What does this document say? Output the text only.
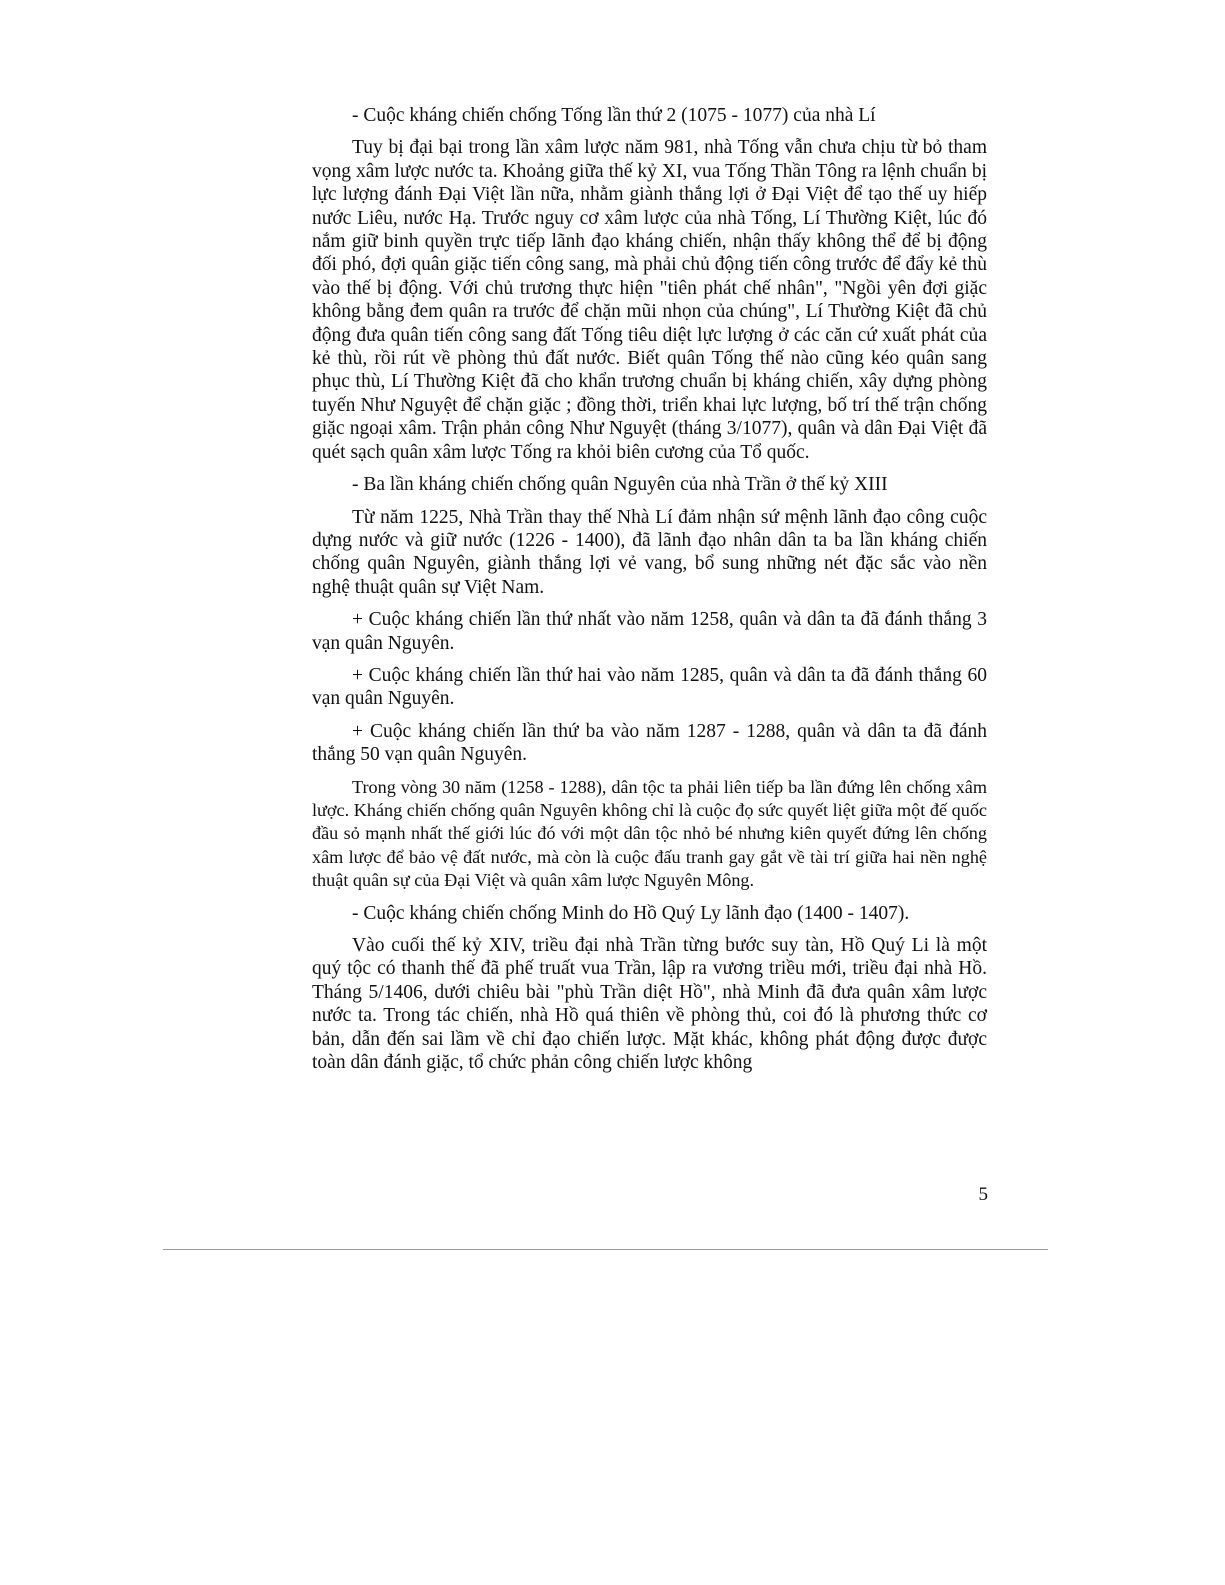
- Cuộc kháng chiến chống Tống lần thứ 2 (1075 - 1077) của nhà Lí

Tuy bị đại bại trong lần xâm lược năm 981, nhà Tống vẫn chưa chịu từ bỏ tham vọng xâm lược nước ta. Khoảng giữa thế kỷ XI, vua Tống Thần Tông ra lệnh chuẩn bị lực lượng đánh Đại Việt lần nữa, nhằm giành thắng lợi ở Đại Việt để tạo thế uy hiếp nước Liêu, nước Hạ. Trước nguy cơ xâm lược của nhà Tống, Lí Thường Kiệt, lúc đó nắm giữ binh quyền trực tiếp lãnh đạo kháng chiến, nhận thấy không thể để bị động đối phó, đợi quân giặc tiến công sang, mà phải chủ động tiến công trước để đẩy kẻ thù vào thế bị động. Với chủ trương thực hiện "tiên phát chế nhân", "Ngồi yên đợi giặc không bằng đem quân ra trước để chặn mũi nhọn của chúng", Lí Thường Kiệt đã chủ động đưa quân tiến công sang đất Tống tiêu diệt lực lượng ở các căn cứ xuất phát của kẻ thù, rồi rút về phòng thủ đất nước. Biết quân Tống thế nào cũng kéo quân sang phục thù, Lí Thường Kiệt đã cho khẩn trương chuẩn bị kháng chiến, xây dựng phòng tuyến Như Nguyệt để chặn giặc ; đồng thời, triển khai lực lượng, bố trí thế trận chống giặc ngoại xâm. Trận phản công Như Nguyệt (tháng 3/1077), quân và dân Đại Việt đã quét sạch quân xâm lược Tống ra khỏi biên cương của Tổ quốc.

- Ba lần kháng chiến chống quân Nguyên của nhà Trần ở thế kỷ XIII

Từ năm 1225, Nhà Trần thay thế Nhà Lí đảm nhận sứ mệnh lãnh đạo công cuộc dựng nước và giữ nước (1226 - 1400), đã lãnh đạo nhân dân ta ba lần kháng chiến chống quân Nguyên, giành thắng lợi vẻ vang, bổ sung những nét đặc sắc vào nền nghệ thuật quân sự Việt Nam.

+ Cuộc kháng chiến lần thứ nhất vào năm 1258, quân và dân ta đã đánh thắng 3 vạn quân Nguyên.

+ Cuộc kháng chiến lần thứ hai vào năm 1285, quân và dân ta đã đánh thắng 60 vạn quân Nguyên.

+ Cuộc kháng chiến lần thứ ba vào năm 1287 - 1288, quân và dân ta đã đánh thắng 50 vạn quân Nguyên.

Trong vòng 30 năm (1258 - 1288), dân tộc ta phải liên tiếp ba lần đứng lên chống xâm lược. Kháng chiến chống quân Nguyên không chỉ là cuộc đọ sức quyết liệt giữa một đế quốc đầu sỏ mạnh nhất thế giới lúc đó với một dân tộc nhỏ bé nhưng kiên quyết đứng lên chống xâm lược để bảo vệ đất nước, mà còn là cuộc đấu tranh gay gắt về tài trí giữa hai nền nghệ thuật quân sự của Đại Việt và quân xâm lược Nguyên Mông.

- Cuộc kháng chiến chống Minh do Hồ Quý Ly lãnh đạo (1400 - 1407).

Vào cuối thế kỷ XIV, triều đại nhà Trần từng bước suy tàn, Hồ Quý Li là một quý tộc có thanh thế đã phế truất vua Trần, lập ra vương triều mới, triều đại nhà Hồ. Tháng 5/1406, dưới chiêu bài "phù Trần diệt Hồ", nhà Minh đã đưa quân xâm lược nước ta. Trong tác chiến, nhà Hồ quá thiên về phòng thủ, coi đó là phương thức cơ bản, dẫn đến sai lầm về chỉ đạo chiến lược. Mặt khác, không phát động được được toàn dân đánh giặc, tổ chức phản công chiến lược không

5
